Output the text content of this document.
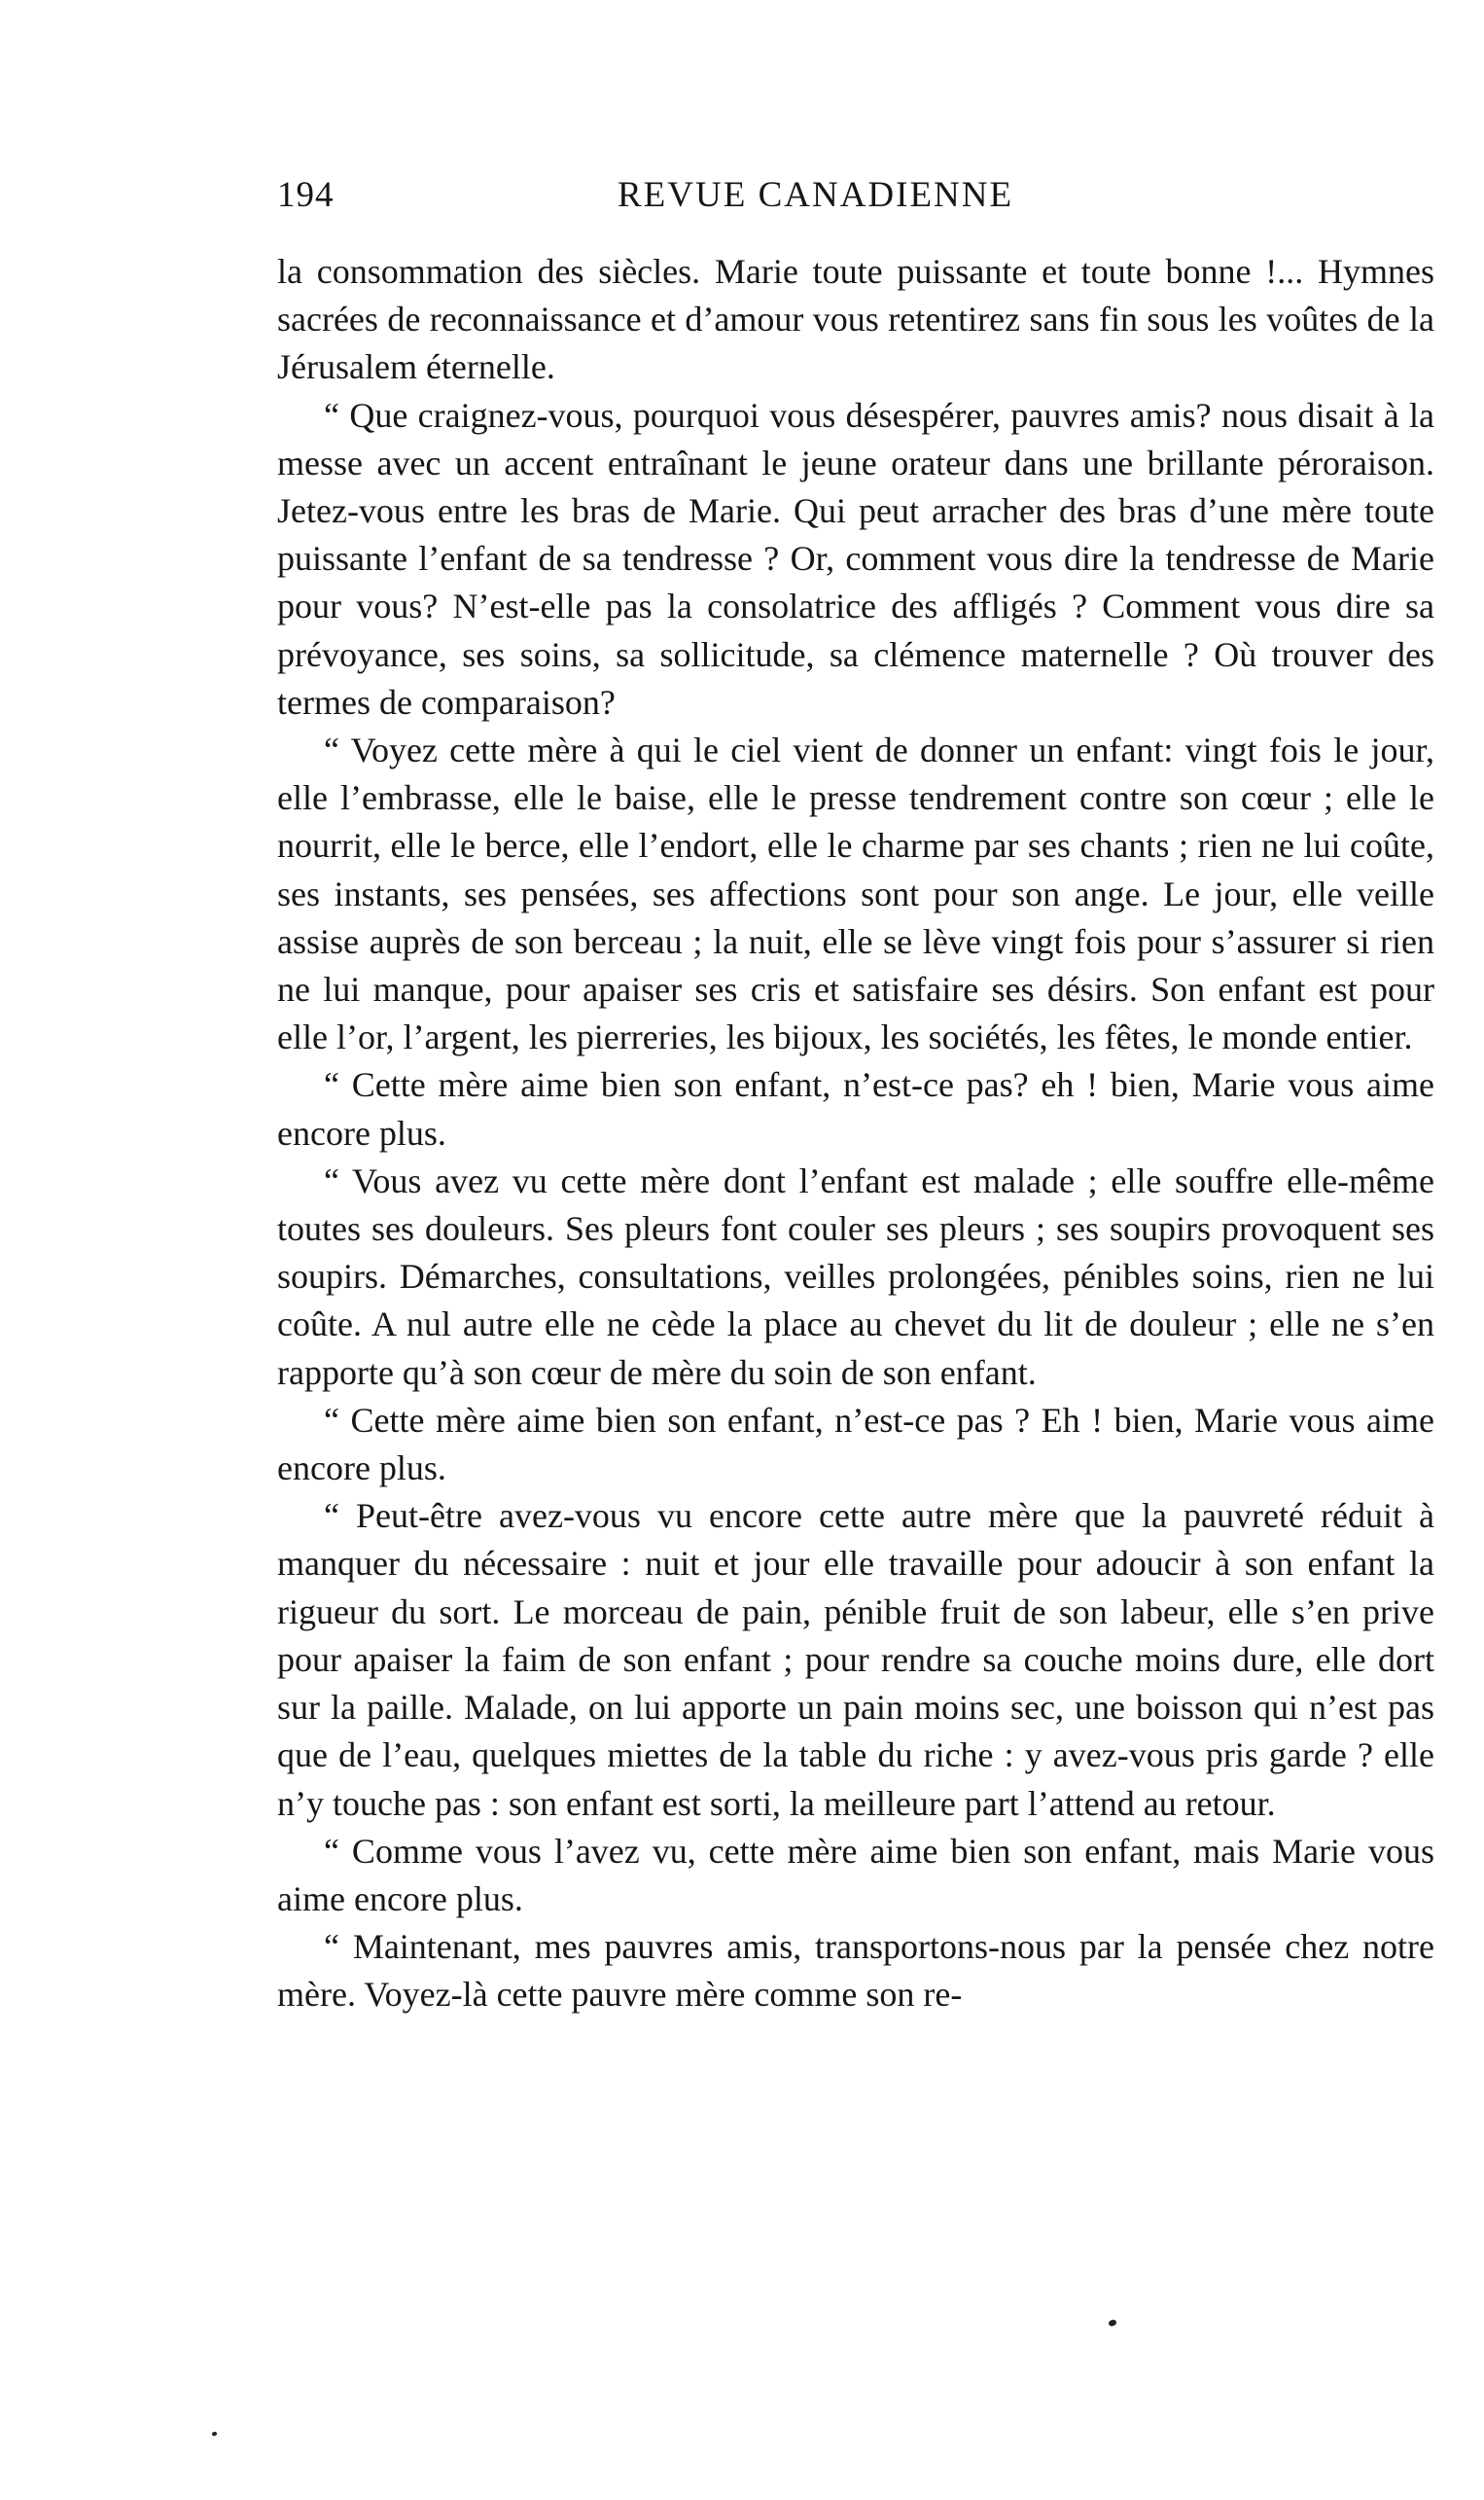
194	REVUE CANADIENNE

la consommation des siècles. Marie toute puissante et toute bonne !... Hymnes sacrées de reconnaissance et d’amour vous retentirez sans fin sous les voûtes de la Jérusalem éternelle.

“ Que craignez-vous, pourquoi vous désespérer, pauvres amis? nous disait à la messe avec un accent entraînant le jeune orateur dans une brillante péroraison. Jetez-vous entre les bras de Marie. Qui peut arracher des bras d’une mère toute puissante l’enfant de sa tendresse ? Or, comment vous dire la tendresse de Marie pour vous? N’est-elle pas la consolatrice des affligés ? Comment vous dire sa prévoyance, ses soins, sa sollicitude, sa clémence maternelle ? Où trouver des termes de comparaison?

“ Voyez cette mère à qui le ciel vient de donner un enfant: vingt fois le jour, elle l’embrasse, elle le baise, elle le presse tendrement contre son cœur ; elle le nourrit, elle le berce, elle l’endort, elle le charme par ses chants ; rien ne lui coûte, ses instants, ses pensées, ses affections sont pour son ange. Le jour, elle veille assise auprès de son berceau ; la nuit, elle se lève vingt fois pour s’assurer si rien ne lui manque, pour apaiser ses cris et satisfaire ses désirs. Son enfant est pour elle l’or, l’argent, les pierreries, les bijoux, les sociétés, les fêtes, le monde entier.

“ Cette mère aime bien son enfant, n’est-ce pas? eh ! bien, Marie vous aime encore plus.

“ Vous avez vu cette mère dont l’enfant est malade ; elle souffre elle-même toutes ses douleurs. Ses pleurs font couler ses pleurs ; ses soupirs provoquent ses soupirs. Démarches, consultations, veilles prolongées, pénibles soins, rien ne lui coûte. A nul autre elle ne cède la place au chevet du lit de douleur ; elle ne s’en rapporte qu’à son cœur de mère du soin de son enfant.

“ Cette mère aime bien son enfant, n’est-ce pas ? Eh ! bien, Marie vous aime encore plus.

“ Peut-être avez-vous vu encore cette autre mère que la pauvreté réduit à manquer du nécessaire : nuit et jour elle travaille pour adoucir à son enfant la rigueur du sort. Le morceau de pain, pénible fruit de son labeur, elle s’en prive pour apaiser la faim de son enfant ; pour rendre sa couche moins dure, elle dort sur la paille. Malade, on lui apporte un pain moins sec, une boisson qui n’est pas que de l’eau, quelques miettes de la table du riche : y avez-vous pris garde ? elle n’y touche pas : son enfant est sorti, la meilleure part l’attend au retour.

“ Comme vous l’avez vu, cette mère aime bien son enfant, mais Marie vous aime encore plus.

“ Maintenant, mes pauvres amis, transportons-nous par la pensée chez notre mère. Voyez-là cette pauvre mère comme son re-
